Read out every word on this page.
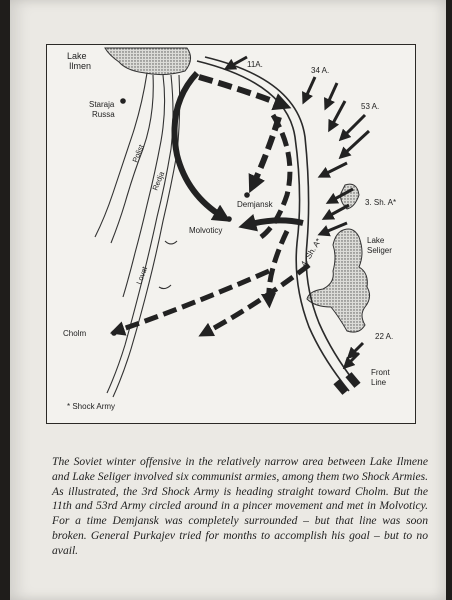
Lake
Ilmen
Staraja
Russa
Polist
Redja
Lovat
Demjansk
Molvoticy
Cholm
11A.
34 A.
53 A.
3. Sh. A*
4. Sh. A*	Lake
Seliger
22 A.
Front
Line
* Shock Army

The Soviet winter offensive in the relatively narrow area between Lake Ilmene and Lake Seliger involved six communist armies, among them two Shock Armies. As illustrated, the 3rd Shock Army is heading straight toward Cholm. But the 11th and 53rd Army circled around in a pincer movement and met in Molvoticy. For a time Demjansk was completely surrounded – but that line was soon broken. General Purkajev tried for months to accomplish his goal – but to no avail.
